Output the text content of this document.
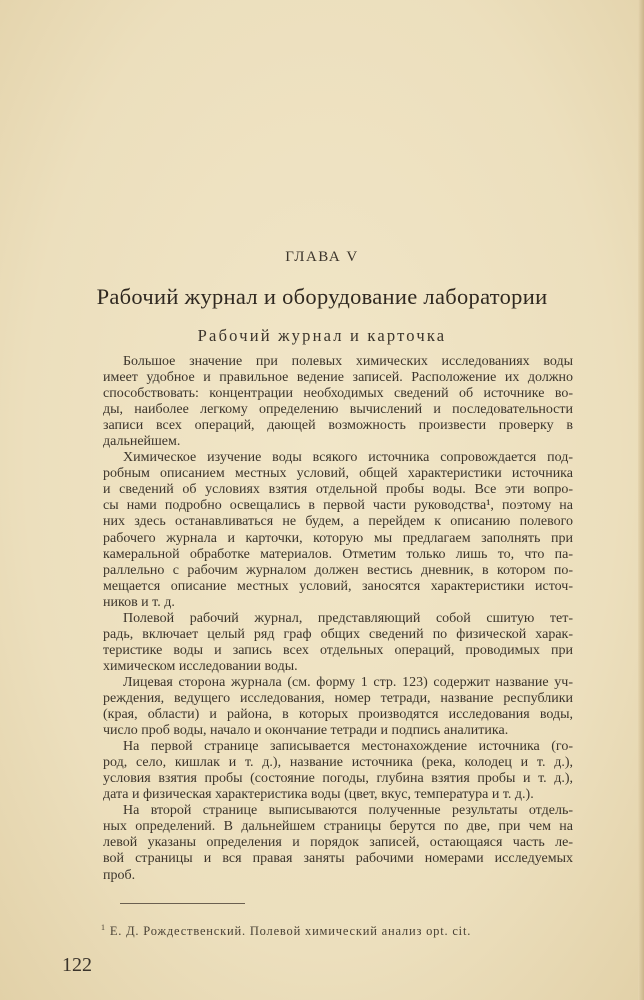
ГЛАВА V
Рабочий журнал и оборудование лаборатории
Рабочий журнал и карточка
Большое значение при полевых химических исследованиях воды
имеет удобное и правильное ведение записей. Расположение их должно
способствовать: концентрации необходимых сведений об источнике во-
ды, наиболее легкому определению вычислений и последовательности
записи всех операций, дающей возможность произвести проверку в
дальнейшем.
Химическое изучение воды всякого источника сопровождается под-
робным описанием местных условий, общей характеристики источника
и сведений об условиях взятия отдельной пробы воды. Все эти вопро-
сы нами подробно освещались в первой части руководства¹, поэтому на
них здесь останавливаться не будем, а перейдем к описанию полевого
рабочего журнала и карточки, которую мы предлагаем заполнять при
камеральной обработке материалов. Отметим только лишь то, что па-
раллельно с рабочим журналом должен вестись дневник, в котором по-
мещается описание местных условий, заносятся характеристики источ-
ников и т. д.
Полевой рабочий журнал, представляющий собой сшитую тет-
радь, включает целый ряд граф общих сведений по физической харак-
теристике воды и запись всех отдельных операций, проводимых при
химическом исследовании воды.
Лицевая сторона журнала (см. форму 1 стр. 123) содержит название уч-
реждения, ведущего исследования, номер тетради, название республики
(края, области) и района, в которых производятся исследования воды,
число проб воды, начало и окончание тетради и подпись аналитика.
На первой странице записывается местонахождение источника (го-
род, село, кишлак и т. д.), название источника (река, колодец и т. д.),
условия взятия пробы (состояние погоды, глубина взятия пробы и т. д.),
дата и физическая характеристика воды (цвет, вкус, температура и т. д.).
На второй странице выписываются полученные результаты отдель-
ных определений. В дальнейшем страницы берутся по две, при чем на
левой указаны определения и порядок записей, остающаяся часть ле-
вой страницы и вся правая заняты рабочими номерами исследуемых
проб.
$^1$ Е. Д. Рождественский. Полевой химический анализ opt. cit.
122
